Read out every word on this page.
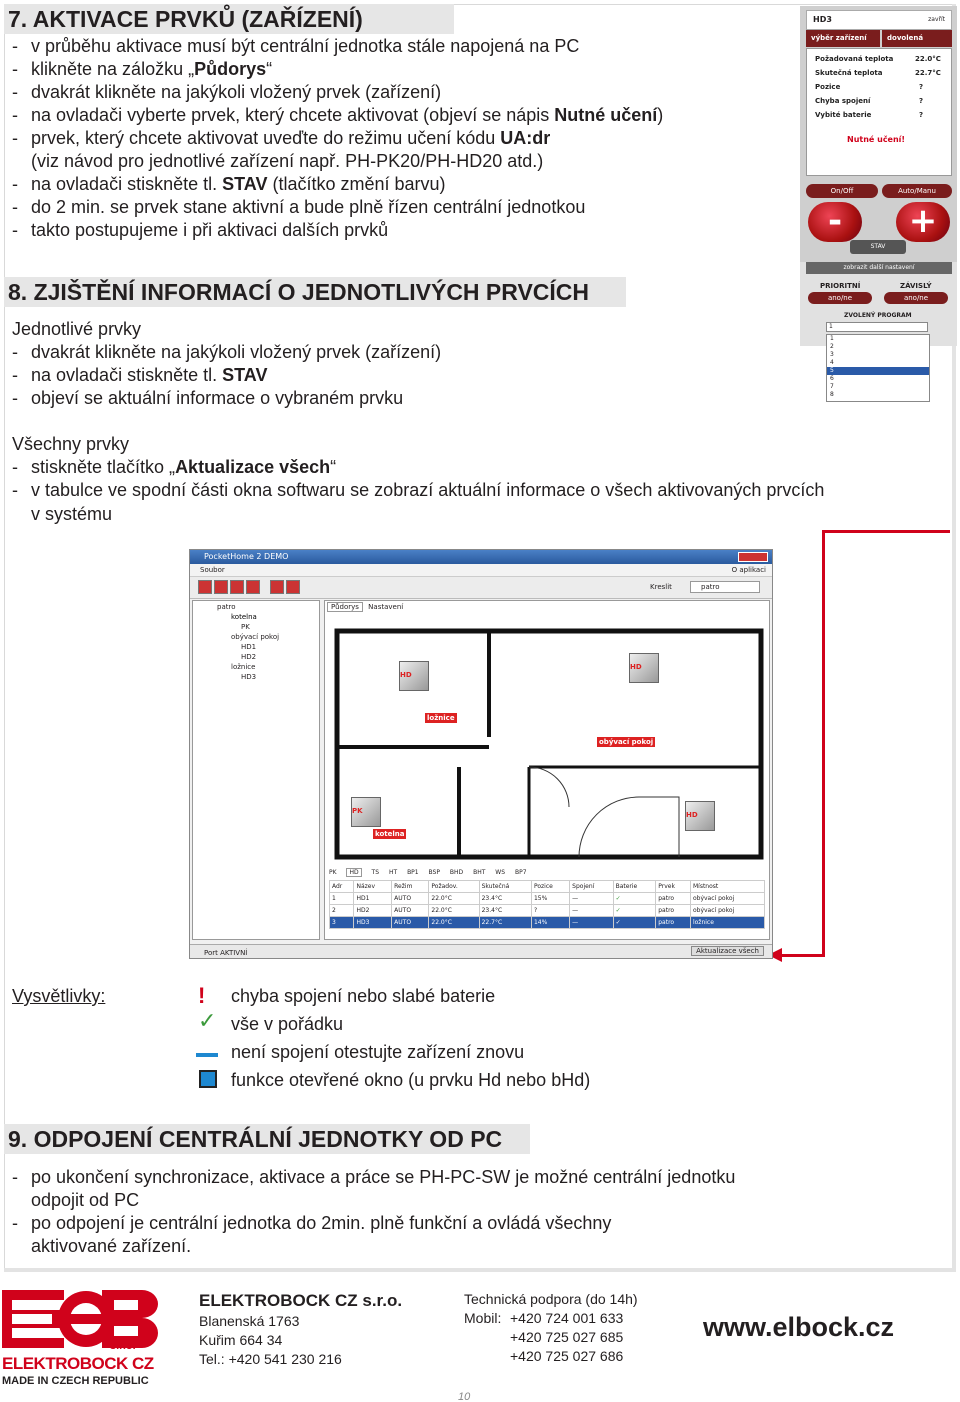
7. AKTIVACE PRVKŮ (ZAŘÍZENÍ)
- v průběhu aktivace musí být centrální jednotka stále napojená na PC
- klikněte na záložku „Půdorys“
- dvakrát klikněte na jakýkoli vložený prvek (zařízení)
- na ovladači vyberte prvek, který chcete aktivovat (objeví se nápis Nutné učení)
- prvek, který chcete aktivovat uveďte do režimu učení kódu UA:dr
(viz návod pro jednotlivé zařízení např. PH-PK20/PH-HD20 atd.)
- na ovladači stiskněte tl. STAV (tlačítko změní barvu)
- do 2 min. se prvek stane aktivní a bude plně řízen centrální jednotkou
- takto postupujeme i při aktivaci dalších prvků
HD3	zavřít
výběr zařízení	dovolená
Požadovaná teplota	22.0°C
Skutečná teplota	22.7°C
Pozice	?
Chyba spojení	?
Vybité baterie	?
Nutné učení!
On/Off	Auto/Manu
-	+
STAV
zobrazit další nastavení
PRIORITNÍ	ZÁVISLÝ
ano/ne	ano/ne
ZVOLENÝ PROGRAM
1
1
2
3
4
5
6
7
8
8. ZJIŠTĚNÍ INFORMACÍ O JEDNOTLIVÝCH PRVCÍCH
Jednotlivé prvky
- dvakrát klikněte na jakýkoli vložený prvek (zařízení)
- na ovladači stiskněte tl. STAV
- objeví se aktuální informace o vybraném prvku
Všechny prvky
- stiskněte tlačítko „Aktualizace všech“
- v tabulce ve spodní části okna softwaru se zobrazí aktuální informace o všech aktivovaných prvcích
v systému
PocketHome 2 DEMO
Soubor	O aplikaci
Kreslit	patro
patro
kotelna
PK
obývací pokoj
HD1
HD2
ložnice
HD3
Půdorys Nastavení
HD
HD
PK	HD
ložnice
obývací pokoj
kotelna
PK HD TS HT BP1 BSP BHD BHT WS BP7
Adr	Název	Režim	Požadov.	Skutečná	Pozice	Spojení	Baterie	Prvek	Místnost
1	HD1	AUTO	22.0°C	23.4°C	15%	—	✓	patro	obývací pokoj
2	HD2	AUTO	22.0°C	23.4°C	?	—	✓	patro	obývací pokoj
3	HD3	AUTO	22.0°C	22.7°C	14%	—	✓	patro	ložnice
Port AKTIVNÍ	Aktualizace všech
Vysvětlivky:	! chyba spojení nebo slabé baterie
✓ vše v pořádku
není spojení otestujte zařízení znovu
funkce otevřené okno (u prvku Hd nebo bHd)
9. ODPOJENÍ CENTRÁLNÍ JEDNOTKY OD PC
- po ukončení synchronizace, aktivace a práce se PH-PC-SW je možné centrální jednotku
odpojit od PC
- po odpojení je centrální jednotka do 2min. plně funkční a ovládá všechny
aktivované zařízení.
s.r.o.
ELEKTROBOCK CZ
MADE IN CZECH REPUBLIC
ELEKTROBOCK CZ s.r.o.
Blanenská 1763
Kuřim 664 34
Tel.: +420 541 230 216
Technická podpora (do 14h)
Mobil: +420 724 001 633
+420 725 027 685
+420 725 027 686
www.elbock.cz
10
